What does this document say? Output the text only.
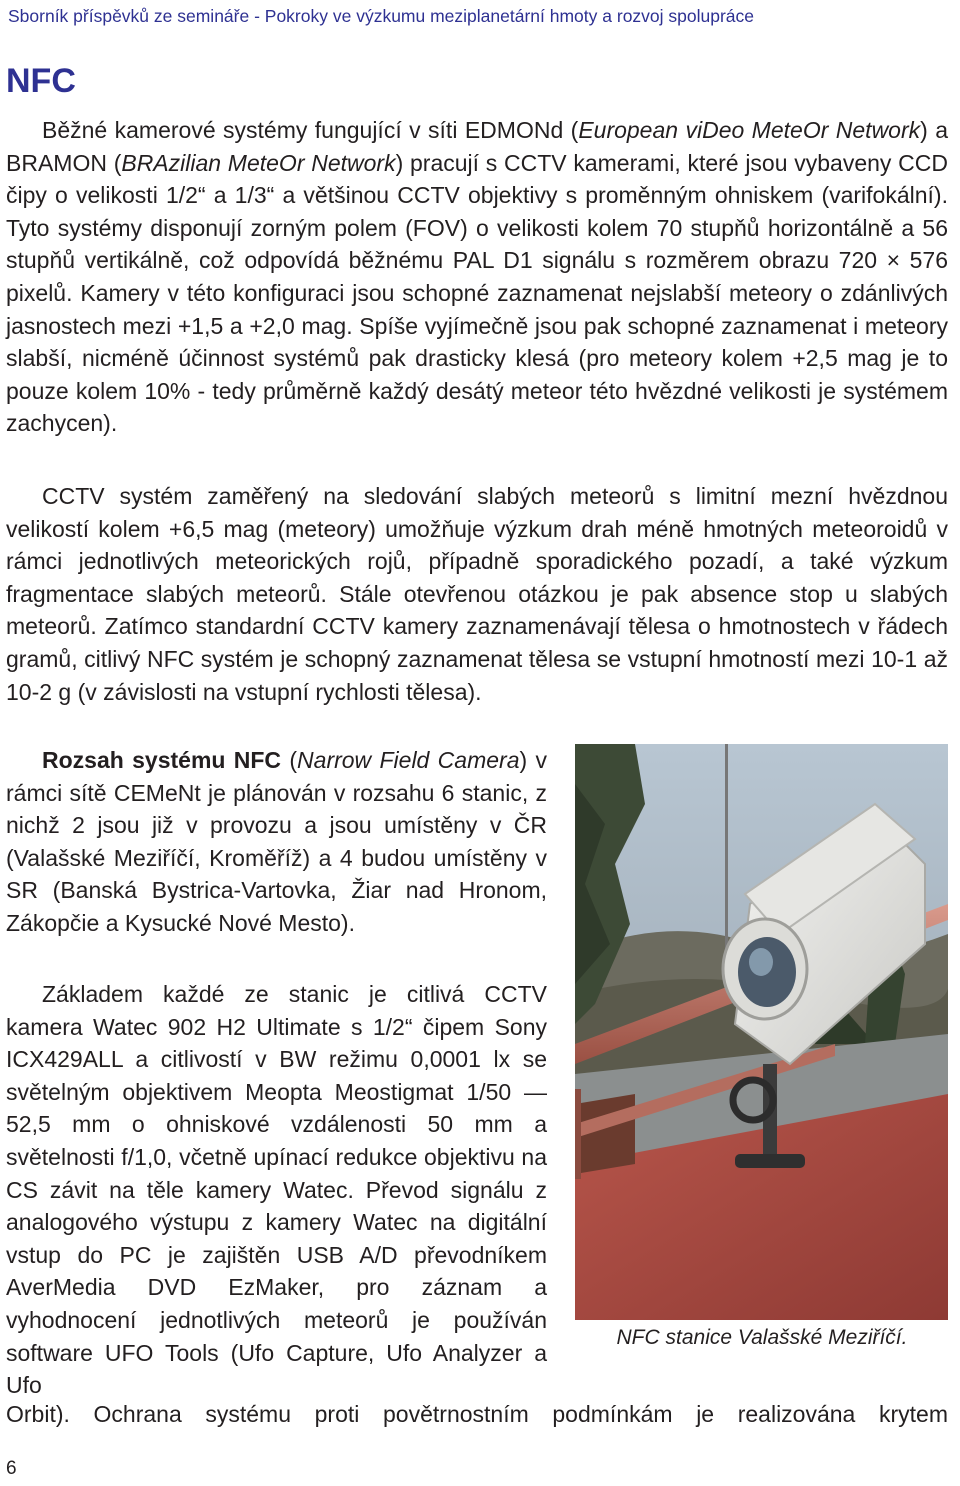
Sborník příspěvků ze semináře - Pokroky ve výzkumu meziplanetární hmoty a rozvoj spolupráce
NFC

Běžné kamerové systémy fungující v síti EDMONd (European viDeo MeteOr Network) a BRAMON (BRAzilian MeteOr Network) pracují s CCTV kamerami, které jsou vybaveny CCD čipy o velikosti 1/2“ a 1/3“ a většinou CCTV objektivy s proměnným ohniskem (varifokální). Tyto systémy disponují zorným polem (FOV) o velikosti kolem 70 stupňů horizontálně a 56 stupňů vertikálně, což odpovídá běžnému PAL D1 signálu s rozměrem obrazu 720 × 576 pixelů. Kamery v této konfiguraci jsou schopné zaznamenat nejslabší meteory o zdánlivých jasnostech mezi +1,5 a +2,0 mag. Spíše vyjímečně jsou pak schopné zaznamenat i meteory slabší, nicméně účinnost systémů pak drasticky klesá (pro meteory kolem +2,5 mag je to pouze kolem 10% - tedy průměrně každý desátý meteor této hvězdné velikosti je systémem zachycen).

CCTV systém zaměřený na sledování slabých meteorů s limitní mezní hvězdnou velikostí kolem +6,5 mag (meteory) umožňuje výzkum drah méně hmotných meteoroidů v rámci jednotlivých meteorických rojů, případně sporadického pozadí, a také výzkum fragmentace slabých meteorů. Stále otevřenou otázkou je pak absence stop u slabých meteorů. Zatímco standardní CCTV kamery zaznamenávají tělesa o hmotnostech v řádech gramů, citlivý NFC systém je schopný zaznamenat tělesa se vstupní hmotností mezi 10-1 až 10-2 g (v závislosti na vstupní rychlosti tělesa).

Rozsah systému NFC (Narrow Field Camera) v rámci sítě CEMeNt je plánován v rozsahu 6 stanic, z nichž 2 jsou již v provozu a jsou umístěny v ČR (Valašské Meziříčí, Kroměříž) a 4 budou umístěny v SR (Banská Bystrica-Vartovka, Žiar nad Hronom, Zákopčie a Kysucké Nové Mesto).

Základem každé ze stanic je citlivá CCTV kamera Watec 902 H2 Ultimate s 1/2“ čipem Sony ICX429ALL a citlivostí v BW režimu 0,0001 lx se světelným objektivem Meopta Meostigmat 1/50 — 52,5 mm o ohniskové vzdálenosti 50 mm a světelnosti f/1,0, včetně upínací redukce objektivu na CS závit na těle kamery Watec. Převod signálu z analogového výstupu z kamery Watec na digitální vstup do PC je zajištěn USB A/D převodníkem AverMedia DVD EzMaker, pro záznam a vyhodnocení jednotlivých meteorů je používán software UFO Tools (Ufo Capture, Ufo Analyzer a Ufo

Orbit). Ochrana systému proti povětrnostním podmínkám je realizována krytem
NFC stanice Valašské Meziříčí.
6
